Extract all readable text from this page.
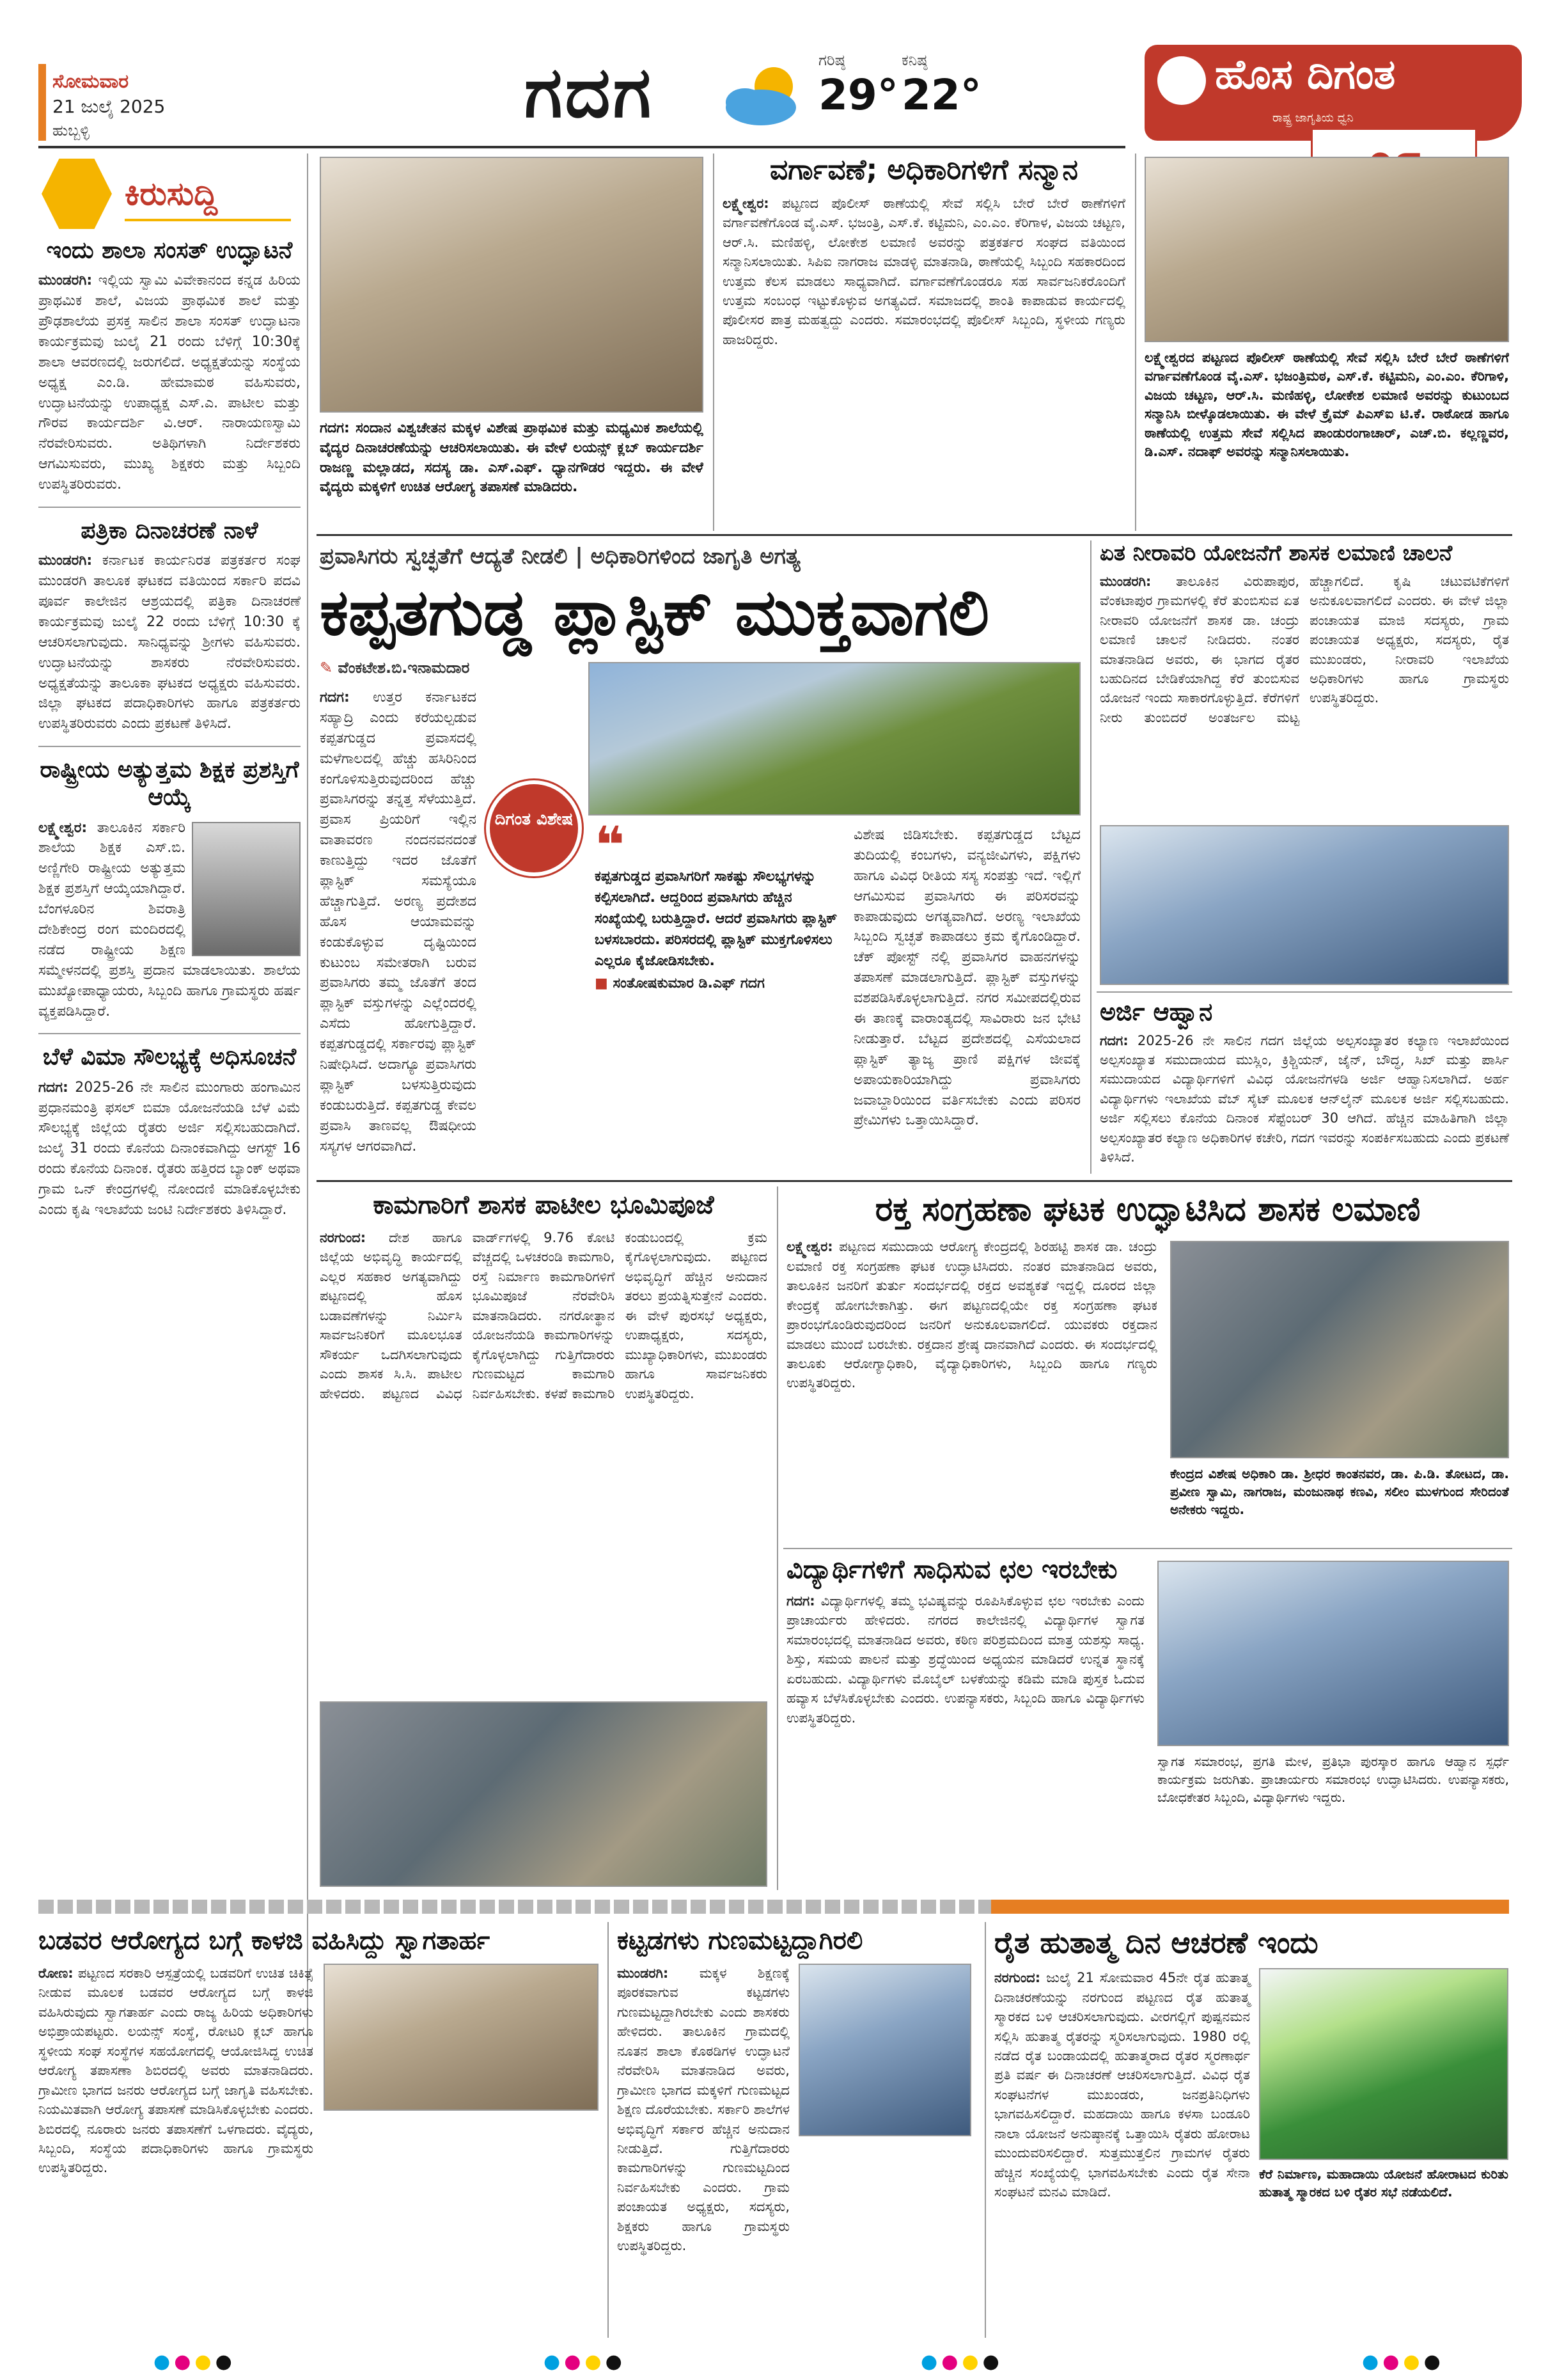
ಸೋಮವಾರ
21 ಜುಲೈ 2025
ಹುಬ್ಬಳ್ಳಿ	ಗದಗ	ಗರಿಷ್ಠ
29°
ಕನಿಷ್ಠ
22°	ಹೊಸ ದಿಗಂತ
ರಾಷ್ಟ್ರ ಜಾಗೃತಿಯ ಧ್ವನಿ
ಕಿರುಸುದ್ದಿ
ಇಂದು ಶಾಲಾ ಸಂಸತ್ ಉದ್ಘಾಟನೆ
ಮುಂಡರಗಿ: ಇಲ್ಲಿಯ ಸ್ವಾಮಿ ವಿವೇಕಾನಂದ ಕನ್ನಡ ಹಿರಿಯ ಪ್ರಾಥಮಿಕ ಶಾಲೆ, ವಿಜಯ ಪ್ರಾಥಮಿಕ ಶಾಲೆ ಮತ್ತು ಪ್ರೌಢಶಾಲೆಯ ಪ್ರಸಕ್ತ ಸಾಲಿನ ಶಾಲಾ ಸಂಸತ್ ಉದ್ಘಾಟನಾ ಕಾರ್ಯಕ್ರಮವು ಜುಲೈ 21 ರಂದು ಬೆಳಿಗ್ಗೆ 10:30ಕ್ಕೆ ಶಾಲಾ ಆವರಣದಲ್ಲಿ ಜರುಗಲಿದೆ. ಅಧ್ಯಕ್ಷತೆಯನ್ನು ಸಂಸ್ಥೆಯ ಅಧ್ಯಕ್ಷ ಎಂ.ಡಿ. ಹೇಮಾಮಠ ವಹಿಸುವರು, ಉದ್ಘಾಟನೆಯನ್ನು ಉಪಾಧ್ಯಕ್ಷ ಎಸ್.ಎ. ಪಾಟೀಲ ಮತ್ತು ಗೌರವ ಕಾರ್ಯದರ್ಶಿ ವಿ.ಆರ್. ನಾರಾಯಣಸ್ವಾಮಿ ನೆರವೇರಿಸುವರು. ಅತಿಥಿಗಳಾಗಿ ನಿರ್ದೇಶಕರು ಆಗಮಿಸುವರು, ಮುಖ್ಯ ಶಿಕ್ಷಕರು ಮತ್ತು ಸಿಬ್ಬಂದಿ ಉಪಸ್ಥಿತರಿರುವರು.
ಪತ್ರಿಕಾ ದಿನಾಚರಣೆ ನಾಳೆ
ಮುಂಡರಗಿ: ಕರ್ನಾಟಕ ಕಾರ್ಯನಿರತ ಪತ್ರಕರ್ತರ ಸಂಘ ಮುಂಡರಗಿ ತಾಲೂಕ ಘಟಕದ ವತಿಯಿಂದ ಸರ್ಕಾರಿ ಪದವಿ ಪೂರ್ವ ಕಾಲೇಜಿನ ಆಶ್ರಯದಲ್ಲಿ ಪತ್ರಿಕಾ ದಿನಾಚರಣೆ ಕಾರ್ಯಕ್ರಮವು ಜುಲೈ 22 ರಂದು ಬೆಳಿಗ್ಗೆ 10:30 ಕ್ಕೆ ಆಚರಿಸಲಾಗುವುದು. ಸಾನಿಧ್ಯವನ್ನು ಶ್ರೀಗಳು ವಹಿಸುವರು. ಉದ್ಘಾಟನೆಯನ್ನು ಶಾಸಕರು ನೆರವೇರಿಸುವರು. ಅಧ್ಯಕ್ಷತೆಯನ್ನು ತಾಲೂಕಾ ಘಟಕದ ಅಧ್ಯಕ್ಷರು ವಹಿಸುವರು. ಜಿಲ್ಲಾ ಘಟಕದ ಪದಾಧಿಕಾರಿಗಳು ಹಾಗೂ ಪತ್ರಕರ್ತರು ಉಪಸ್ಥಿತರಿರುವರು ಎಂದು ಪ್ರಕಟಣೆ ತಿಳಿಸಿದೆ.
ರಾಷ್ಟ್ರೀಯ ಅತ್ಯುತ್ತಮ ಶಿಕ್ಷಕ ಪ್ರಶಸ್ತಿಗೆ ಆಯ್ಕೆ
ಲಕ್ಷ್ಮೇಶ್ವರ: ತಾಲೂಕಿನ ಸರ್ಕಾರಿ ಶಾಲೆಯ ಶಿಕ್ಷಕ ಎಸ್.ಬಿ. ಅಣ್ಣಿಗೇರಿ ರಾಷ್ಟ್ರೀಯ ಅತ್ಯುತ್ತಮ ಶಿಕ್ಷಕ ಪ್ರಶಸ್ತಿಗೆ ಆಯ್ಕೆಯಾಗಿದ್ದಾರೆ. ಬೆಂಗಳೂರಿನ ಶಿವರಾತ್ರಿ ದೇಶಿಕೇಂದ್ರ ರಂಗ ಮಂದಿರದಲ್ಲಿ ನಡೆದ ರಾಷ್ಟ್ರೀಯ ಶಿಕ್ಷಣ ಸಮ್ಮೇಳನದಲ್ಲಿ ಪ್ರಶಸ್ತಿ ಪ್ರದಾನ ಮಾಡಲಾಯಿತು. ಶಾಲೆಯ ಮುಖ್ಯೋಪಾಧ್ಯಾಯರು, ಸಿಬ್ಬಂದಿ ಹಾಗೂ ಗ್ರಾಮಸ್ಥರು ಹರ್ಷ ವ್ಯಕ್ತಪಡಿಸಿದ್ದಾರೆ.
ಬೆಳೆ ವಿಮಾ ಸೌಲಭ್ಯಕ್ಕೆ ಅಧಿಸೂಚನೆ
ಗದಗ: 2025-26 ನೇ ಸಾಲಿನ ಮುಂಗಾರು ಹಂಗಾಮಿನ ಪ್ರಧಾನಮಂತ್ರಿ ಫಸಲ್ ಬಿಮಾ ಯೋಜನೆಯಡಿ ಬೆಳೆ ವಿಮೆ ಸೌಲಭ್ಯಕ್ಕೆ ಜಿಲ್ಲೆಯ ರೈತರು ಅರ್ಜಿ ಸಲ್ಲಿಸಬಹುದಾಗಿದೆ. ಜುಲೈ 31 ರಂದು ಕೊನೆಯ ದಿನಾಂಕವಾಗಿದ್ದು ಆಗಸ್ಟ್ 16 ರಂದು ಕೊನೆಯ ದಿನಾಂಕ. ರೈತರು ಹತ್ತಿರದ ಬ್ಯಾಂಕ್ ಅಥವಾ ಗ್ರಾಮ ಒನ್ ಕೇಂದ್ರಗಳಲ್ಲಿ ನೋಂದಣಿ ಮಾಡಿಕೊಳ್ಳಬೇಕು ಎಂದು ಕೃಷಿ ಇಲಾಖೆಯ ಜಂಟಿ ನಿರ್ದೇಶಕರು ತಿಳಿಸಿದ್ದಾರೆ.
ಗದಗ: ಸಂದಾನ ವಿಶ್ವಚೇತನ ಮಕ್ಕಳ ವಿಶೇಷ ಪ್ರಾಥಮಿಕ ಮತ್ತು ಮಧ್ಯಮಿಕ ಶಾಲೆಯಲ್ಲಿ ವೈದ್ಯರ ದಿನಾಚರಣೆಯನ್ನು ಆಚರಿಸಲಾಯಿತು. ಈ ವೇಳೆ ಲಯನ್ಸ್ ಕ್ಲಬ್ ಕಾರ್ಯದರ್ಶಿ ರಾಜಣ್ಣ ಮಲ್ಲಾಡದ, ಸದಸ್ಯ ಡಾ. ಎಸ್.ಎಫ್. ಧ್ಯಾನಗೌಡರ ಇದ್ದರು. ಈ ವೇಳೆ ವೈದ್ಯರು ಮಕ್ಕಳಿಗೆ ಉಚಿತ ಆರೋಗ್ಯ ತಪಾಸಣೆ ಮಾಡಿದರು.
ವರ್ಗಾವಣೆ; ಅಧಿಕಾರಿಗಳಿಗೆ ಸನ್ಮಾನ
ಲಕ್ಷ್ಮೇಶ್ವರ: ಪಟ್ಟಣದ ಪೊಲೀಸ್ ಠಾಣೆಯಲ್ಲಿ ಸೇವೆ ಸಲ್ಲಿಸಿ ಬೇರೆ ಬೇರೆ ಠಾಣೆಗಳಿಗೆ ವರ್ಗಾವಣೆಗೊಂಡ ವೈ.ಎಸ್. ಭಜಂತ್ರಿ, ಎಸ್.ಕೆ. ಕಟ್ಟಿಮನಿ, ಎಂ.ಎಂ. ಕೆರಿಗಾಳ, ವಿಜಯ ಚಟ್ಟಣ, ಆರ್.ಸಿ. ಮಣಿಹಳ್ಳಿ, ಲೋಕೇಶ ಲಮಾಣಿ ಅವರನ್ನು ಪತ್ರಕರ್ತರ ಸಂಘದ ವತಿಯಿಂದ ಸನ್ಮಾನಿಸಲಾಯಿತು. ಸಿಪಿಐ ನಾಗರಾಜ ಮಾಡಳ್ಳಿ ಮಾತನಾಡಿ, ಠಾಣೆಯಲ್ಲಿ ಸಿಬ್ಬಂದಿ ಸಹಕಾರದಿಂದ ಉತ್ತಮ ಕೆಲಸ ಮಾಡಲು ಸಾಧ್ಯವಾಗಿದೆ. ವರ್ಗಾವಣೆಗೊಂಡರೂ ಸಹ ಸಾರ್ವಜನಿಕರೊಂದಿಗೆ ಉತ್ತಮ ಸಂಬಂಧ ಇಟ್ಟುಕೊಳ್ಳುವ ಅಗತ್ಯವಿದೆ. ಸಮಾಜದಲ್ಲಿ ಶಾಂತಿ ಕಾಪಾಡುವ ಕಾರ್ಯದಲ್ಲಿ ಪೊಲೀಸರ ಪಾತ್ರ ಮಹತ್ವದ್ದು ಎಂದರು. ಸಮಾರಂಭದಲ್ಲಿ ಪೊಲೀಸ್ ಸಿಬ್ಬಂದಿ, ಸ್ಥಳೀಯ ಗಣ್ಯರು ಹಾಜರಿದ್ದರು.
ಲಕ್ಷ್ಮೇಶ್ವರದ ಪಟ್ಟಣದ ಪೊಲೀಸ್ ಠಾಣೆಯಲ್ಲಿ ಸೇವೆ ಸಲ್ಲಿಸಿ ಬೇರೆ ಬೇರೆ ಠಾಣೆಗಳಿಗೆ ವರ್ಗಾವಣೆಗೊಂಡ ವೈ.ಎಸ್. ಭಜಂತ್ರಿಮಠ, ಎಸ್.ಕೆ. ಕಟ್ಟಿಮನಿ, ಎಂ.ಎಂ. ಕೆರಿಗಾಳಿ, ವಿಜಯ ಚಟ್ಟಣ, ಆರ್.ಸಿ. ಮಣಿಹಳ್ಳಿ, ಲೋಕೇಶ ಲಮಾಣಿ ಅವರನ್ನು ಕುಟುಂಬದ ಸನ್ಮಾನಿಸಿ ಬೀಳ್ಕೊಡಲಾಯಿತು. ಈ ವೇಳೆ ಕ್ರೈಮ್ ಪಿಎಸ್ಐ ಟಿ.ಕೆ. ರಾಠೋಡ ಹಾಗೂ ಠಾಣೆಯಲ್ಲಿ ಉತ್ತಮ ಸೇವೆ ಸಲ್ಲಿಸಿದ ಪಾಂಡುರಂಗಾಚಾರ್, ಎಚ್.ಬಿ. ಕಲ್ಲಣ್ಣವರ, ಡಿ.ಎಸ್. ನದಾಫ್ ಅವರನ್ನು ಸನ್ಮಾನಿಸಲಾಯಿತು.
ಪ್ರವಾಸಿಗರು ಸ್ವಚ್ಛತೆಗೆ ಆದ್ಯತೆ ನೀಡಲಿ | ಅಧಿಕಾರಿಗಳಿಂದ ಜಾಗೃತಿ ಅಗತ್ಯ
ಕಪ್ಪತಗುಡ್ಡ ಪ್ಲಾಸ್ಟಿಕ್ ಮುಕ್ತವಾಗಲಿ
✎ ವೆಂಕಟೇಶ.ಬಿ.ಇನಾಮದಾರ
ದಿಗಂತ ವಿಶೇಷ
ಗದಗ: ಉತ್ತರ ಕರ್ನಾಟಕದ ಸಹ್ಯಾದ್ರಿ ಎಂದು ಕರೆಯಲ್ಪಡುವ ಕಪ್ಪತಗುಡ್ಡದ ಪ್ರವಾಸದಲ್ಲಿ ಮಳೆಗಾಲದಲ್ಲಿ ಹೆಚ್ಚು ಹಸಿರಿನಿಂದ ಕಂಗೊಳಿಸುತ್ತಿರುವುದರಿಂದ ಹೆಚ್ಚು ಪ್ರವಾಸಿಗರನ್ನು ತನ್ನತ್ತ ಸೆಳೆಯುತ್ತಿದೆ. ಪ್ರವಾಸ ಪ್ರಿಯರಿಗೆ ಇಲ್ಲಿನ ವಾತಾವರಣ ನಂದನವನದಂತೆ ಕಾಣುತ್ತಿದ್ದು ಇದರ ಜೊತೆಗೆ ಪ್ಲಾಸ್ಟಿಕ್ ಸಮಸ್ಯೆಯೂ ಹೆಚ್ಚಾಗುತ್ತಿದೆ. ಅರಣ್ಯ ಪ್ರದೇಶದ ಹೊಸ ಆಯಾಮವನ್ನು ಕಂಡುಕೊಳ್ಳುವ ದೃಷ್ಟಿಯಿಂದ ಕುಟುಂಬ ಸಮೇತರಾಗಿ ಬರುವ ಪ್ರವಾಸಿಗರು ತಮ್ಮ ಜೊತೆಗೆ ತಂದ ಪ್ಲಾಸ್ಟಿಕ್ ವಸ್ತುಗಳನ್ನು ಎಲ್ಲೆಂದರಲ್ಲಿ ಎಸೆದು ಹೋಗುತ್ತಿದ್ದಾರೆ. ಕಪ್ಪತಗುಡ್ಡದಲ್ಲಿ ಸರ್ಕಾರವು ಪ್ಲಾಸ್ಟಿಕ್ ನಿಷೇಧಿಸಿದೆ. ಅದಾಗ್ಯೂ ಪ್ರವಾಸಿಗರು ಪ್ಲಾಸ್ಟಿಕ್ ಬಳಸುತ್ತಿರುವುದು ಕಂಡುಬರುತ್ತಿದೆ. ಕಪ್ಪತಗುಡ್ಡ ಕೇವಲ ಪ್ರವಾಸಿ ತಾಣವಲ್ಲ ಔಷಧೀಯ ಸಸ್ಯಗಳ ಆಗರವಾಗಿದೆ.
❝
ಕಪ್ಪತಗುಡ್ಡದ ಪ್ರವಾಸಿಗರಿಗೆ ಸಾಕಷ್ಟು ಸೌಲಭ್ಯಗಳನ್ನು ಕಲ್ಪಿಸಲಾಗಿದೆ. ಆದ್ದರಿಂದ ಪ್ರವಾಸಿಗರು ಹೆಚ್ಚಿನ ಸಂಖ್ಯೆಯಲ್ಲಿ ಬರುತ್ತಿದ್ದಾರೆ. ಆದರೆ ಪ್ರವಾಸಿಗರು ಪ್ಲಾಸ್ಟಿಕ್ ಬಳಸಬಾರದು. ಪರಿಸರದಲ್ಲಿ ಪ್ಲಾಸ್ಟಿಕ್ ಮುಕ್ತಗೊಳಿಸಲು ಎಲ್ಲರೂ ಕೈಜೋಡಿಸಬೇಕು.
■ ಸಂತೋಷಕುಮಾರ ಡಿ.ಎಫ್ ಗದಗ
ವಿಶೇಷ ಜಿಡಿಸಬೇಕು. ಕಪ್ಪತಗುಡ್ಡದ ಬೆಟ್ಟದ ತುದಿಯಲ್ಲಿ ಕಂಬಗಳು, ವನ್ಯಜೀವಿಗಳು, ಪಕ್ಷಿಗಳು ಹಾಗೂ ವಿವಿಧ ರೀತಿಯ ಸಸ್ಯ ಸಂಪತ್ತು ಇದೆ. ಇಲ್ಲಿಗೆ ಆಗಮಿಸುವ ಪ್ರವಾಸಿಗರು ಈ ಪರಿಸರವನ್ನು ಕಾಪಾಡುವುದು ಅಗತ್ಯವಾಗಿದೆ. ಅರಣ್ಯ ಇಲಾಖೆಯ ಸಿಬ್ಬಂದಿ ಸ್ವಚ್ಛತೆ ಕಾಪಾಡಲು ಕ್ರಮ ಕೈಗೊಂಡಿದ್ದಾರೆ. ಚೆಕ್ ಪೋಸ್ಟ್ ನಲ್ಲಿ ಪ್ರವಾಸಿಗರ ವಾಹನಗಳನ್ನು ತಪಾಸಣೆ ಮಾಡಲಾಗುತ್ತಿದೆ. ಪ್ಲಾಸ್ಟಿಕ್ ವಸ್ತುಗಳನ್ನು ವಶಪಡಿಸಿಕೊಳ್ಳಲಾಗುತ್ತಿದೆ. ನಗರ ಸಮೀಪದಲ್ಲಿರುವ ಈ ತಾಣಕ್ಕೆ ವಾರಾಂತ್ಯದಲ್ಲಿ ಸಾವಿರಾರು ಜನ ಭೇಟಿ ನೀಡುತ್ತಾರೆ. ಬೆಟ್ಟದ ಪ್ರದೇಶದಲ್ಲಿ ಎಸೆಯಲಾದ ಪ್ಲಾಸ್ಟಿಕ್ ತ್ಯಾಜ್ಯ ಪ್ರಾಣಿ ಪಕ್ಷಿಗಳ ಜೀವಕ್ಕೆ ಅಪಾಯಕಾರಿಯಾಗಿದ್ದು ಪ್ರವಾಸಿಗರು ಜವಾಬ್ದಾರಿಯಿಂದ ವರ್ತಿಸಬೇಕು ಎಂದು ಪರಿಸರ ಪ್ರೇಮಿಗಳು ಒತ್ತಾಯಿಸಿದ್ದಾರೆ.
ಏತ ನೀರಾವರಿ ಯೋಜನೆಗೆ ಶಾಸಕ ಲಮಾಣಿ ಚಾಲನೆ
ಮುಂಡರಗಿ: ತಾಲೂಕಿನ ವಿರುಪಾಪುರ, ವೆಂಕಟಾಪುರ ಗ್ರಾಮಗಳಲ್ಲಿ ಕೆರೆ ತುಂಬಿಸುವ ಏತ ನೀರಾವರಿ ಯೋಜನೆಗೆ ಶಾಸಕ ಡಾ. ಚಂದ್ರು ಲಮಾಣಿ ಚಾಲನೆ ನೀಡಿದರು. ನಂತರ ಮಾತನಾಡಿದ ಅವರು, ಈ ಭಾಗದ ರೈತರ ಬಹುದಿನದ ಬೇಡಿಕೆಯಾಗಿದ್ದ ಕೆರೆ ತುಂಬಿಸುವ ಯೋಜನೆ ಇಂದು ಸಾಕಾರಗೊಳ್ಳುತ್ತಿದೆ. ಕೆರೆಗಳಿಗೆ ನೀರು ತುಂಬಿದರೆ ಅಂತರ್ಜಲ ಮಟ್ಟ ಹೆಚ್ಚಾಗಲಿದೆ. ಕೃಷಿ ಚಟುವಟಿಕೆಗಳಿಗೆ ಅನುಕೂಲವಾಗಲಿದೆ ಎಂದರು. ಈ ವೇಳೆ ಜಿಲ್ಲಾ ಪಂಚಾಯತ ಮಾಜಿ ಸದಸ್ಯರು, ಗ್ರಾಮ ಪಂಚಾಯತ ಅಧ್ಯಕ್ಷರು, ಸದಸ್ಯರು, ರೈತ ಮುಖಂಡರು, ನೀರಾವರಿ ಇಲಾಖೆಯ ಅಧಿಕಾರಿಗಳು ಹಾಗೂ ಗ್ರಾಮಸ್ಥರು ಉಪಸ್ಥಿತರಿದ್ದರು.
ಅರ್ಜಿ ಆಹ್ವಾನ
ಗದಗ: 2025-26 ನೇ ಸಾಲಿನ ಗದಗ ಜಿಲ್ಲೆಯ ಅಲ್ಪಸಂಖ್ಯಾತರ ಕಲ್ಯಾಣ ಇಲಾಖೆಯಿಂದ ಅಲ್ಪಸಂಖ್ಯಾತ ಸಮುದಾಯದ ಮುಸ್ಲಿಂ, ಕ್ರಿಶ್ಚಿಯನ್, ಜೈನ್, ಬೌದ್ಧ, ಸಿಖ್ ಮತ್ತು ಪಾರ್ಸಿ ಸಮುದಾಯದ ವಿದ್ಯಾರ್ಥಿಗಳಿಗೆ ವಿವಿಧ ಯೋಜನೆಗಳಡಿ ಅರ್ಜಿ ಆಹ್ವಾನಿಸಲಾಗಿದೆ. ಅರ್ಹ ವಿದ್ಯಾರ್ಥಿಗಳು ಇಲಾಖೆಯ ವೆಬ್ ಸೈಟ್ ಮೂಲಕ ಆನ್‌ಲೈನ್ ಮೂಲಕ ಅರ್ಜಿ ಸಲ್ಲಿಸಬಹುದು. ಅರ್ಜಿ ಸಲ್ಲಿಸಲು ಕೊನೆಯ ದಿನಾಂಕ ಸೆಪ್ಟೆಂಬರ್ 30 ಆಗಿದೆ. ಹೆಚ್ಚಿನ ಮಾಹಿತಿಗಾಗಿ ಜಿಲ್ಲಾ ಅಲ್ಪಸಂಖ್ಯಾತರ ಕಲ್ಯಾಣ ಅಧಿಕಾರಿಗಳ ಕಚೇರಿ, ಗದಗ ಇವರನ್ನು ಸಂಪರ್ಕಿಸಬಹುದು ಎಂದು ಪ್ರಕಟಣೆ ತಿಳಿಸಿದೆ.
ಕಾಮಗಾರಿಗೆ ಶಾಸಕ ಪಾಟೀಲ ಭೂಮಿಪೂಜೆ
ನರಗುಂದ: ದೇಶ ಹಾಗೂ ಜಿಲ್ಲೆಯ ಅಭಿವೃದ್ಧಿ ಕಾರ್ಯದಲ್ಲಿ ಎಲ್ಲರ ಸಹಕಾರ ಅಗತ್ಯವಾಗಿದ್ದು ಪಟ್ಟಣದಲ್ಲಿ ಹೊಸ ಬಡಾವಣೆಗಳನ್ನು ನಿರ್ಮಿಸಿ ಸಾರ್ವಜನಿಕರಿಗೆ ಮೂಲಭೂತ ಸೌಕರ್ಯ ಒದಗಿಸಲಾಗುವುದು ಎಂದು ಶಾಸಕ ಸಿ.ಸಿ. ಪಾಟೀಲ ಹೇಳಿದರು. ಪಟ್ಟಣದ ವಿವಿಧ ವಾರ್ಡ್‌ಗಳಲ್ಲಿ 9.76 ಕೋಟಿ ವೆಚ್ಚದಲ್ಲಿ ಒಳಚರಂಡಿ ಕಾಮಗಾರಿ, ರಸ್ತೆ ನಿರ್ಮಾಣ ಕಾಮಗಾರಿಗಳಿಗೆ ಭೂಮಿಪೂಜೆ ನೆರವೇರಿಸಿ ಮಾತನಾಡಿದರು. ನಗರೋತ್ಥಾನ ಯೋಜನೆಯಡಿ ಕಾಮಗಾರಿಗಳನ್ನು ಕೈಗೊಳ್ಳಲಾಗಿದ್ದು ಗುತ್ತಿಗೆದಾರರು ಗುಣಮಟ್ಟದ ಕಾಮಗಾರಿ ನಿರ್ವಹಿಸಬೇಕು. ಕಳಪೆ ಕಾಮಗಾರಿ ಕಂಡುಬಂದಲ್ಲಿ ಕ್ರಮ ಕೈಗೊಳ್ಳಲಾಗುವುದು. ಪಟ್ಟಣದ ಅಭಿವೃದ್ಧಿಗೆ ಹೆಚ್ಚಿನ ಅನುದಾನ ತರಲು ಪ್ರಯತ್ನಿಸುತ್ತೇನೆ ಎಂದರು. ಈ ವೇಳೆ ಪುರಸಭೆ ಅಧ್ಯಕ್ಷರು, ಉಪಾಧ್ಯಕ್ಷರು, ಸದಸ್ಯರು, ಮುಖ್ಯಾಧಿಕಾರಿಗಳು, ಮುಖಂಡರು ಹಾಗೂ ಸಾರ್ವಜನಿಕರು ಉಪಸ್ಥಿತರಿದ್ದರು.
ರಕ್ತ ಸಂಗ್ರಹಣಾ ಘಟಕ ಉದ್ಘಾಟಿಸಿದ ಶಾಸಕ ಲಮಾಣಿ
ಲಕ್ಷ್ಮೇಶ್ವರ: ಪಟ್ಟಣದ ಸಮುದಾಯ ಆರೋಗ್ಯ ಕೇಂದ್ರದಲ್ಲಿ ಶಿರಹಟ್ಟಿ ಶಾಸಕ ಡಾ. ಚಂದ್ರು ಲಮಾಣಿ ರಕ್ತ ಸಂಗ್ರಹಣಾ ಘಟಕ ಉದ್ಘಾಟಿಸಿದರು. ನಂತರ ಮಾತನಾಡಿದ ಅವರು, ತಾಲೂಕಿನ ಜನರಿಗೆ ತುರ್ತು ಸಂದರ್ಭದಲ್ಲಿ ರಕ್ತದ ಅವಶ್ಯಕತೆ ಇದ್ದಲ್ಲಿ ದೂರದ ಜಿಲ್ಲಾ ಕೇಂದ್ರಕ್ಕೆ ಹೋಗಬೇಕಾಗಿತ್ತು. ಈಗ ಪಟ್ಟಣದಲ್ಲಿಯೇ ರಕ್ತ ಸಂಗ್ರಹಣಾ ಘಟಕ ಪ್ರಾರಂಭಗೊಂಡಿರುವುದರಿಂದ ಜನರಿಗೆ ಅನುಕೂಲವಾಗಲಿದೆ. ಯುವಕರು ರಕ್ತದಾನ ಮಾಡಲು ಮುಂದೆ ಬರಬೇಕು. ರಕ್ತದಾನ ಶ್ರೇಷ್ಠ ದಾನವಾಗಿದೆ ಎಂದರು. ಈ ಸಂದರ್ಭದಲ್ಲಿ ತಾಲೂಕು ಆರೋಗ್ಯಾಧಿಕಾರಿ, ವೈದ್ಯಾಧಿಕಾರಿಗಳು, ಸಿಬ್ಬಂದಿ ಹಾಗೂ ಗಣ್ಯರು ಉಪಸ್ಥಿತರಿದ್ದರು.
ಕೇಂದ್ರದ ವಿಶೇಷ ಅಧಿಕಾರಿ ಡಾ. ಶ್ರೀಧರ ಕಾಂತನವರ, ಡಾ. ಪಿ.ಡಿ. ತೋಟದ, ಡಾ. ಪ್ರವೀಣ ಸ್ವಾಮಿ, ನಾಗರಾಜ, ಮಂಜುನಾಥ ಕಣವಿ, ಸಲೀಂ ಮುಳಗುಂದ ಸೇರಿದಂತೆ ಅನೇಕರು ಇದ್ದರು.
ವಿದ್ಯಾರ್ಥಿಗಳಿಗೆ ಸಾಧಿಸುವ ಛಲ ಇರಬೇಕು
ಗದಗ: ವಿದ್ಯಾರ್ಥಿಗಳಲ್ಲಿ ತಮ್ಮ ಭವಿಷ್ಯವನ್ನು ರೂಪಿಸಿಕೊಳ್ಳುವ ಛಲ ಇರಬೇಕು ಎಂದು ಪ್ರಾಚಾರ್ಯರು ಹೇಳಿದರು. ನಗರದ ಕಾಲೇಜಿನಲ್ಲಿ ವಿದ್ಯಾರ್ಥಿಗಳ ಸ್ವಾಗತ ಸಮಾರಂಭದಲ್ಲಿ ಮಾತನಾಡಿದ ಅವರು, ಕಠಿಣ ಪರಿಶ್ರಮದಿಂದ ಮಾತ್ರ ಯಶಸ್ಸು ಸಾಧ್ಯ. ಶಿಸ್ತು, ಸಮಯ ಪಾಲನೆ ಮತ್ತು ಶ್ರದ್ಧೆಯಿಂದ ಅಧ್ಯಯನ ಮಾಡಿದರೆ ಉನ್ನತ ಸ್ಥಾನಕ್ಕೆ ಏರಬಹುದು. ವಿದ್ಯಾರ್ಥಿಗಳು ಮೊಬೈಲ್ ಬಳಕೆಯನ್ನು ಕಡಿಮೆ ಮಾಡಿ ಪುಸ್ತಕ ಓದುವ ಹವ್ಯಾಸ ಬೆಳೆಸಿಕೊಳ್ಳಬೇಕು ಎಂದರು. ಉಪನ್ಯಾಸಕರು, ಸಿಬ್ಬಂದಿ ಹಾಗೂ ವಿದ್ಯಾರ್ಥಿಗಳು ಉಪಸ್ಥಿತರಿದ್ದರು.
ಸ್ವಾಗತ ಸಮಾರಂಭ, ಪ್ರಗತಿ ಮೇಳ, ಪ್ರತಿಭಾ ಪುರಸ್ಕಾರ ಹಾಗೂ ಆಹ್ವಾನ ಸ್ಪರ್ಧೆ ಕಾರ್ಯಕ್ರಮ ಜರುಗಿತು. ಪ್ರಾಚಾರ್ಯರು ಸಮಾರಂಭ ಉದ್ಘಾಟಿಸಿದರು. ಉಪನ್ಯಾಸಕರು, ಬೋಧಕೇತರ ಸಿಬ್ಬಂದಿ, ವಿದ್ಯಾರ್ಥಿಗಳು ಇದ್ದರು.
ಬಡವರ ಆರೋಗ್ಯದ ಬಗ್ಗೆ ಕಾಳಜಿ ವಹಿಸಿದ್ದು ಸ್ವಾಗತಾರ್ಹ
ರೋಣ: ಪಟ್ಟಣದ ಸರಕಾರಿ ಆಸ್ಪತ್ರೆಯಲ್ಲಿ ಬಡವರಿಗೆ ಉಚಿತ ಚಿಕಿತ್ಸೆ ನೀಡುವ ಮೂಲಕ ಬಡವರ ಆರೋಗ್ಯದ ಬಗ್ಗೆ ಕಾಳಜಿ ವಹಿಸಿರುವುದು ಸ್ವಾಗತಾರ್ಹ ಎಂದು ರಾಜ್ಯ ಹಿರಿಯ ಅಧಿಕಾರಿಗಳು ಅಭಿಪ್ರಾಯಪಟ್ಟರು. ಲಯನ್ಸ್ ಸಂಸ್ಥೆ, ರೋಟರಿ ಕ್ಲಬ್ ಹಾಗೂ ಸ್ಥಳೀಯ ಸಂಘ ಸಂಸ್ಥೆಗಳ ಸಹಯೋಗದಲ್ಲಿ ಆಯೋಜಿಸಿದ್ದ ಉಚಿತ ಆರೋಗ್ಯ ತಪಾಸಣಾ ಶಿಬಿರದಲ್ಲಿ ಅವರು ಮಾತನಾಡಿದರು. ಗ್ರಾಮೀಣ ಭಾಗದ ಜನರು ಆರೋಗ್ಯದ ಬಗ್ಗೆ ಜಾಗೃತಿ ವಹಿಸಬೇಕು. ನಿಯಮಿತವಾಗಿ ಆರೋಗ್ಯ ತಪಾಸಣೆ ಮಾಡಿಸಿಕೊಳ್ಳಬೇಕು ಎಂದರು. ಶಿಬಿರದಲ್ಲಿ ನೂರಾರು ಜನರು ತಪಾಸಣೆಗೆ ಒಳಗಾದರು. ವೈದ್ಯರು, ಸಿಬ್ಬಂದಿ, ಸಂಸ್ಥೆಯ ಪದಾಧಿಕಾರಿಗಳು ಹಾಗೂ ಗ್ರಾಮಸ್ಥರು ಉಪಸ್ಥಿತರಿದ್ದರು.
ಕಟ್ಟಡಗಳು ಗುಣಮಟ್ಟದ್ದಾಗಿರಲಿ
ಮುಂಡರಗಿ: ಮಕ್ಕಳ ಶಿಕ್ಷಣಕ್ಕೆ ಪೂರಕವಾಗುವ ಕಟ್ಟಡಗಳು ಗುಣಮಟ್ಟದ್ದಾಗಿರಬೇಕು ಎಂದು ಶಾಸಕರು ಹೇಳಿದರು. ತಾಲೂಕಿನ ಗ್ರಾಮದಲ್ಲಿ ನೂತನ ಶಾಲಾ ಕೊಠಡಿಗಳ ಉದ್ಘಾಟನೆ ನೆರವೇರಿಸಿ ಮಾತನಾಡಿದ ಅವರು, ಗ್ರಾಮೀಣ ಭಾಗದ ಮಕ್ಕಳಿಗೆ ಗುಣಮಟ್ಟದ ಶಿಕ್ಷಣ ದೊರೆಯಬೇಕು. ಸರ್ಕಾರಿ ಶಾಲೆಗಳ ಅಭಿವೃದ್ಧಿಗೆ ಸರ್ಕಾರ ಹೆಚ್ಚಿನ ಅನುದಾನ ನೀಡುತ್ತಿದೆ. ಗುತ್ತಿಗೆದಾರರು ಕಾಮಗಾರಿಗಳನ್ನು ಗುಣಮಟ್ಟದಿಂದ ನಿರ್ವಹಿಸಬೇಕು ಎಂದರು. ಗ್ರಾಮ ಪಂಚಾಯತ ಅಧ್ಯಕ್ಷರು, ಸದಸ್ಯರು, ಶಿಕ್ಷಕರು ಹಾಗೂ ಗ್ರಾಮಸ್ಥರು ಉಪಸ್ಥಿತರಿದ್ದರು.
ರೈತ ಹುತಾತ್ಮ ದಿನ ಆಚರಣೆ ಇಂದು
ನರಗುಂದ: ಜುಲೈ 21 ಸೋಮವಾರ 45ನೇ ರೈತ ಹುತಾತ್ಮ ದಿನಾಚರಣೆಯನ್ನು ನರಗುಂದ ಪಟ್ಟಣದ ರೈತ ಹುತಾತ್ಮ ಸ್ಮಾರಕದ ಬಳಿ ಆಚರಿಸಲಾಗುವುದು. ವೀರಗಲ್ಲಿಗೆ ಪುಷ್ಪನಮನ ಸಲ್ಲಿಸಿ ಹುತಾತ್ಮ ರೈತರನ್ನು ಸ್ಮರಿಸಲಾಗುವುದು. 1980 ರಲ್ಲಿ ನಡೆದ ರೈತ ಬಂಡಾಯದಲ್ಲಿ ಹುತಾತ್ಮರಾದ ರೈತರ ಸ್ಮರಣಾರ್ಥ ಪ್ರತಿ ವರ್ಷ ಈ ದಿನಾಚರಣೆ ಆಚರಿಸಲಾಗುತ್ತಿದೆ. ವಿವಿಧ ರೈತ ಸಂಘಟನೆಗಳ ಮುಖಂಡರು, ಜನಪ್ರತಿನಿಧಿಗಳು ಭಾಗವಹಿಸಲಿದ್ದಾರೆ. ಮಹದಾಯಿ ಹಾಗೂ ಕಳಸಾ ಬಂಡೂರಿ ನಾಲಾ ಯೋಜನೆ ಅನುಷ್ಠಾನಕ್ಕೆ ಒತ್ತಾಯಿಸಿ ರೈತರು ಹೋರಾಟ ಮುಂದುವರಿಸಲಿದ್ದಾರೆ. ಸುತ್ತಮುತ್ತಲಿನ ಗ್ರಾಮಗಳ ರೈತರು ಹೆಚ್ಚಿನ ಸಂಖ್ಯೆಯಲ್ಲಿ ಭಾಗವಹಿಸಬೇಕು ಎಂದು ರೈತ ಸೇನಾ ಸಂಘಟನೆ ಮನವಿ ಮಾಡಿದೆ.
ಕೆರೆ ನಿರ್ಮಾಣ, ಮಹಾದಾಯಿ ಯೋಜನೆ ಹೋರಾಟದ ಕುರಿತು ಹುತಾತ್ಮ ಸ್ಮಾರಕದ ಬಳಿ ರೈತರ ಸಭೆ ನಡೆಯಲಿದೆ.
●●●●	●●●●	●●●●	●●●●
